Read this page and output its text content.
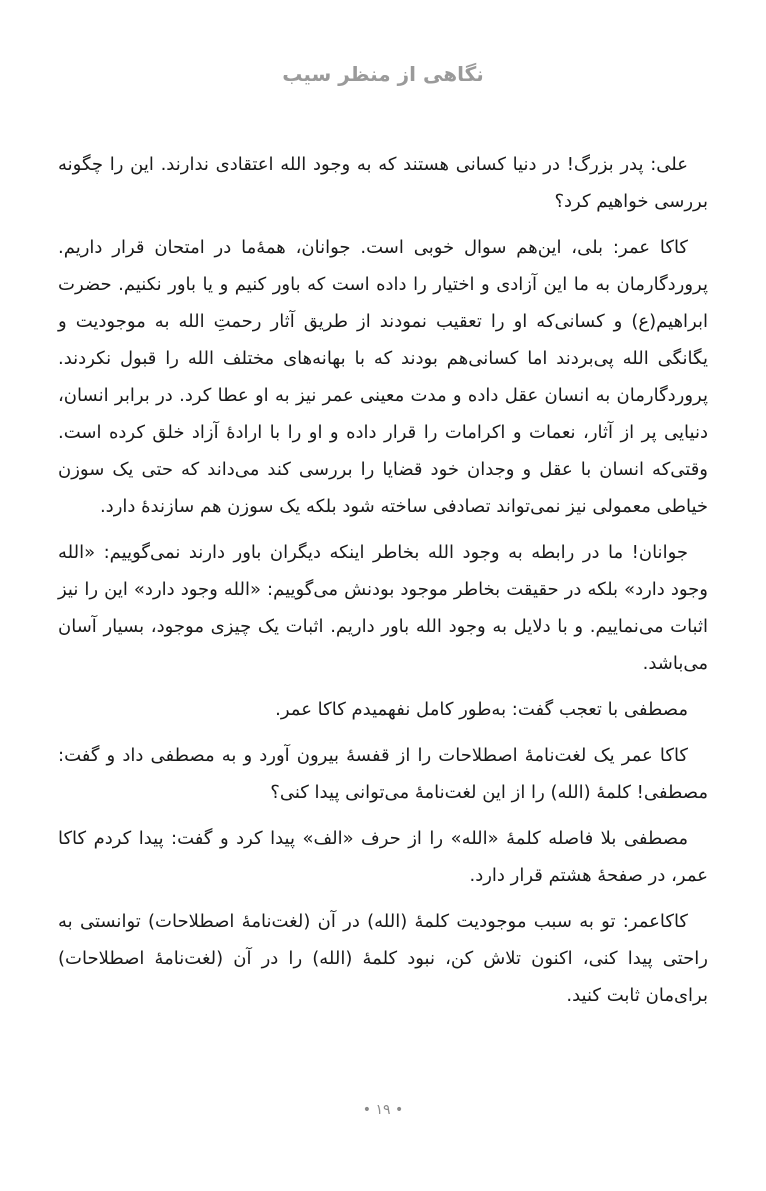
نگاهی از منظر سیب

علی: پدر بزرگ! در دنیا کسانی هستند که به وجود الله اعتقادی ندارند. این را چگونه بررسی خواهیم کرد؟

کاکا عمر: بلی، این‌هم سوال خوبی است. جوانان، همهٔ‌ما در امتحان قرار داریم. پروردگارمان به ما این آزادی و اختیار را داده است که باور کنیم و یا باور نکنیم. حضرت ابراهیم(ع) و کسانی‌که او را تعقیب نمودند از طریق آثار رحمتِ الله به موجودیت و یگانگی الله پی‌بردند اما کسانی‌هم بودند که با بهانه‌های مختلف الله را قبول نکردند. پروردگارمان به انسان عقل داده و مدت معینی عمر نیز به او عطا کرد. در برابر انسان، دنیایی پر از آثار، نعمات و اکرامات را قرار داده و او را با ارادهٔ آزاد خلق کرده است. وقتی‌که انسان با عقل و وجدان خود قضایا را بررسی کند می‌داند که حتی یک سوزن خیاطی معمولی نیز نمی‌تواند تصادفی ساخته شود بلکه یک سوزن هم سازندهٔ دارد.

جوانان! ما در رابطه به وجود الله بخاطر اینکه دیگران باور دارند نمی‌گوییم: «الله وجود دارد» بلکه در حقیقت بخاطر موجود بودنش می‌گوییم: «الله وجود دارد» این را نیز اثبات می‌نماییم. و با دلایل به وجود الله باور داریم. اثبات یک چیزی موجود، بسیار آسان می‌باشد.

مصطفی با تعجب گفت: به‌طور کامل نفهمیدم کاکا عمر.

کاکا عمر یک لغت‌نامهٔ اصطلاحات را از قفسهٔ بیرون آورد و به مصطفی داد و گفت: مصطفی! کلمهٔ (الله) را از این لغت‌نامهٔ می‌توانی پیدا کنی؟

مصطفی بلا فاصله کلمهٔ «الله» را از حرف «الف» پیدا کرد و گفت: پیدا کردم کاکا عمر، در صفحهٔ هشتم قرار دارد.

کاکاعمر: تو به سبب موجودیت کلمهٔ (الله) در آن (لغت‌نامهٔ اصطلاحات) توانستی به راحتی پیدا کنی، اکنون تلاش کن، نبود کلمهٔ (الله) را در آن (لغت‌نامهٔ اصطلاحات) برای‌مان ثابت کنید.

• ۱۹ •
